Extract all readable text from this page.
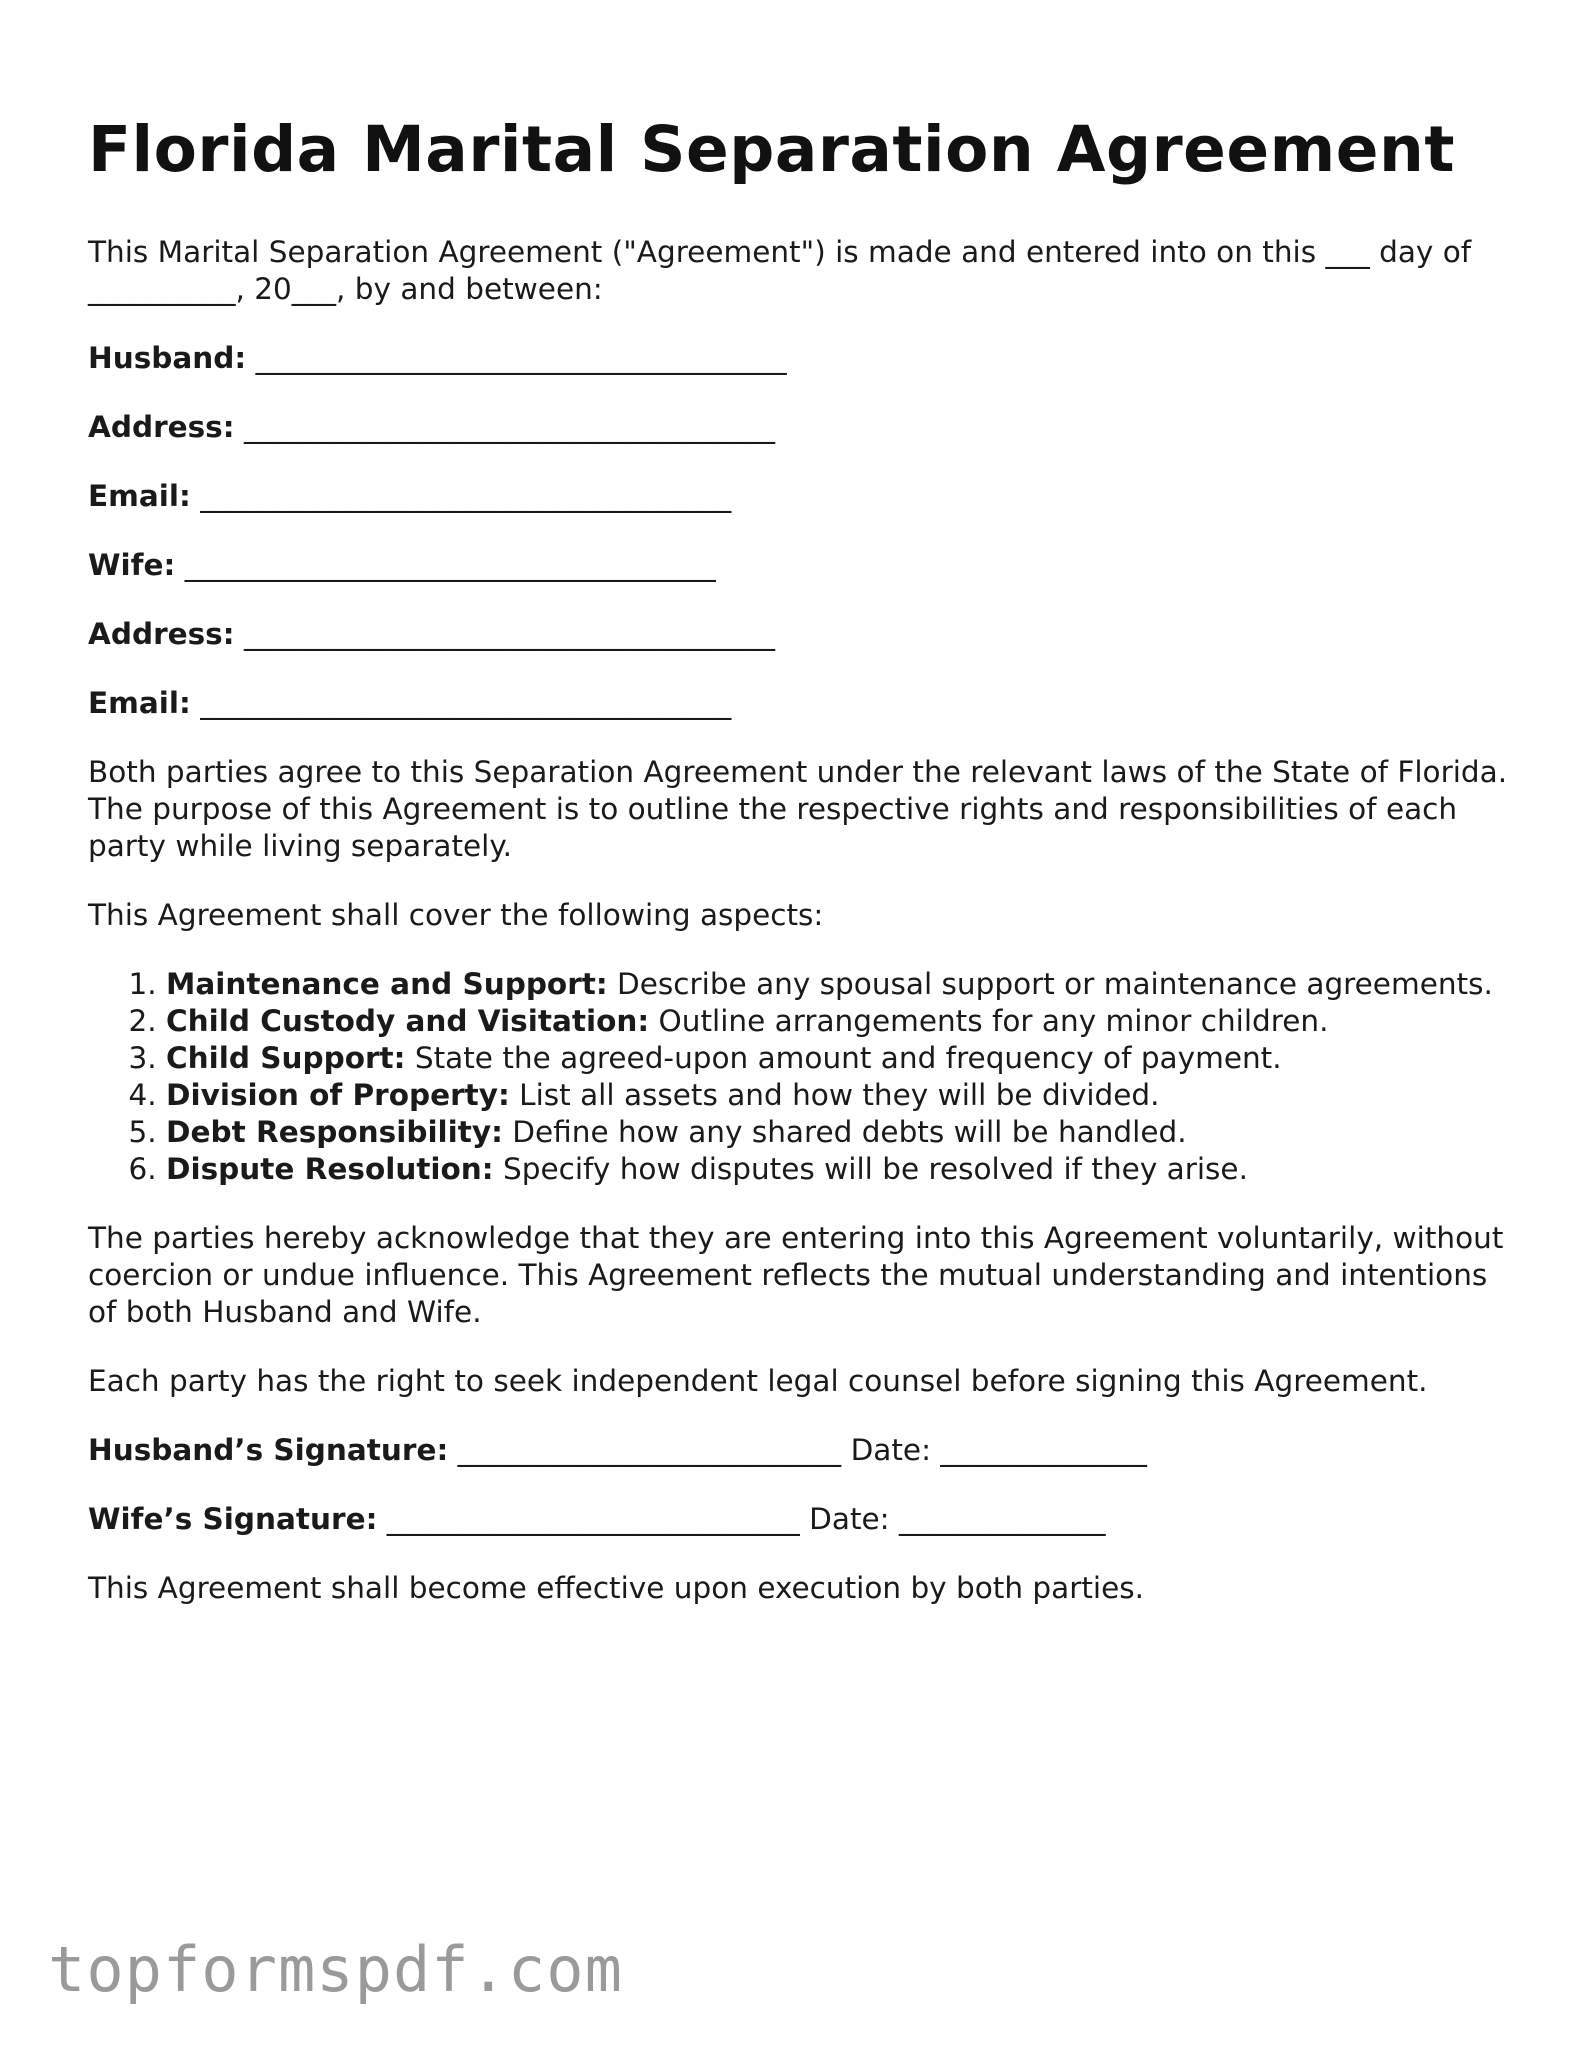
Florida Marital Separation Agreement

This Marital Separation Agreement ("Agreement") is made and entered into on this ___ day of __________, 20___, by and between:

Husband: ____________________________________
Address: ____________________________________
Email: ____________________________________
Wife: ____________________________________
Address: ____________________________________
Email: ____________________________________

Both parties agree to this Separation Agreement under the relevant laws of the State of Florida. The purpose of this Agreement is to outline the respective rights and responsibilities of each party while living separately.

This Agreement shall cover the following aspects:

1. Maintenance and Support: Describe any spousal support or maintenance agreements.
2. Child Custody and Visitation: Outline arrangements for any minor children.
3. Child Support: State the agreed-upon amount and frequency of payment.
4. Division of Property: List all assets and how they will be divided.
5. Debt Responsibility: Define how any shared debts will be handled.
6. Dispute Resolution: Specify how disputes will be resolved if they arise.

The parties hereby acknowledge that they are entering into this Agreement voluntarily, without coercion or undue influence. This Agreement reflects the mutual understanding and intentions of both Husband and Wife.

Each party has the right to seek independent legal counsel before signing this Agreement.

Husband’s Signature: __________________________ Date: ______________
Wife’s Signature: ____________________________ Date: ______________

This Agreement shall become effective upon execution by both parties.

topformspdf.com
